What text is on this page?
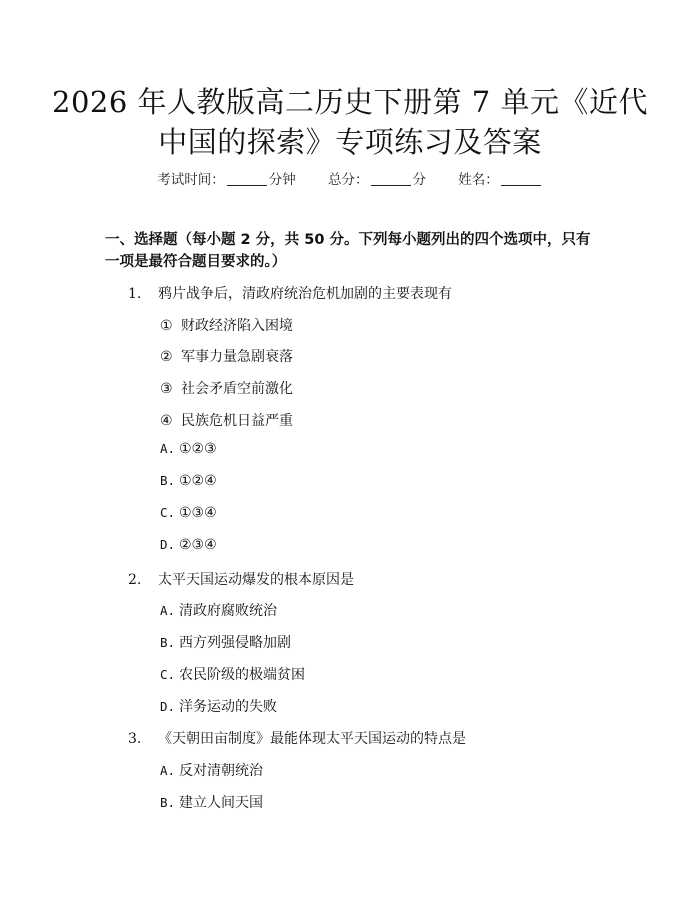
2026 年人教版高二历史下册第 7 单元《近代
中国的探索》专项练习及答案
考试时间：	分钟 总分：	分 姓名：
一、选择题（每小题 2 分，共 50 分。下列每小题列出的四个选项中，只有一项是最符合题目要求的。）
1. 鸦片战争后，清政府统治危机加剧的主要表现有
① 财政经济陷入困境
② 军事力量急剧衰落
③ 社会矛盾空前激化
④ 民族危机日益严重
A. ①②③
B. ①②④
C. ①③④
D. ②③④
2. 太平天国运动爆发的根本原因是
A. 清政府腐败统治
B. 西方列强侵略加剧
C. 农民阶级的极端贫困
D. 洋务运动的失败
3. 《天朝田亩制度》最能体现太平天国运动的特点是
A. 反对清朝统治
B. 建立人间天国
